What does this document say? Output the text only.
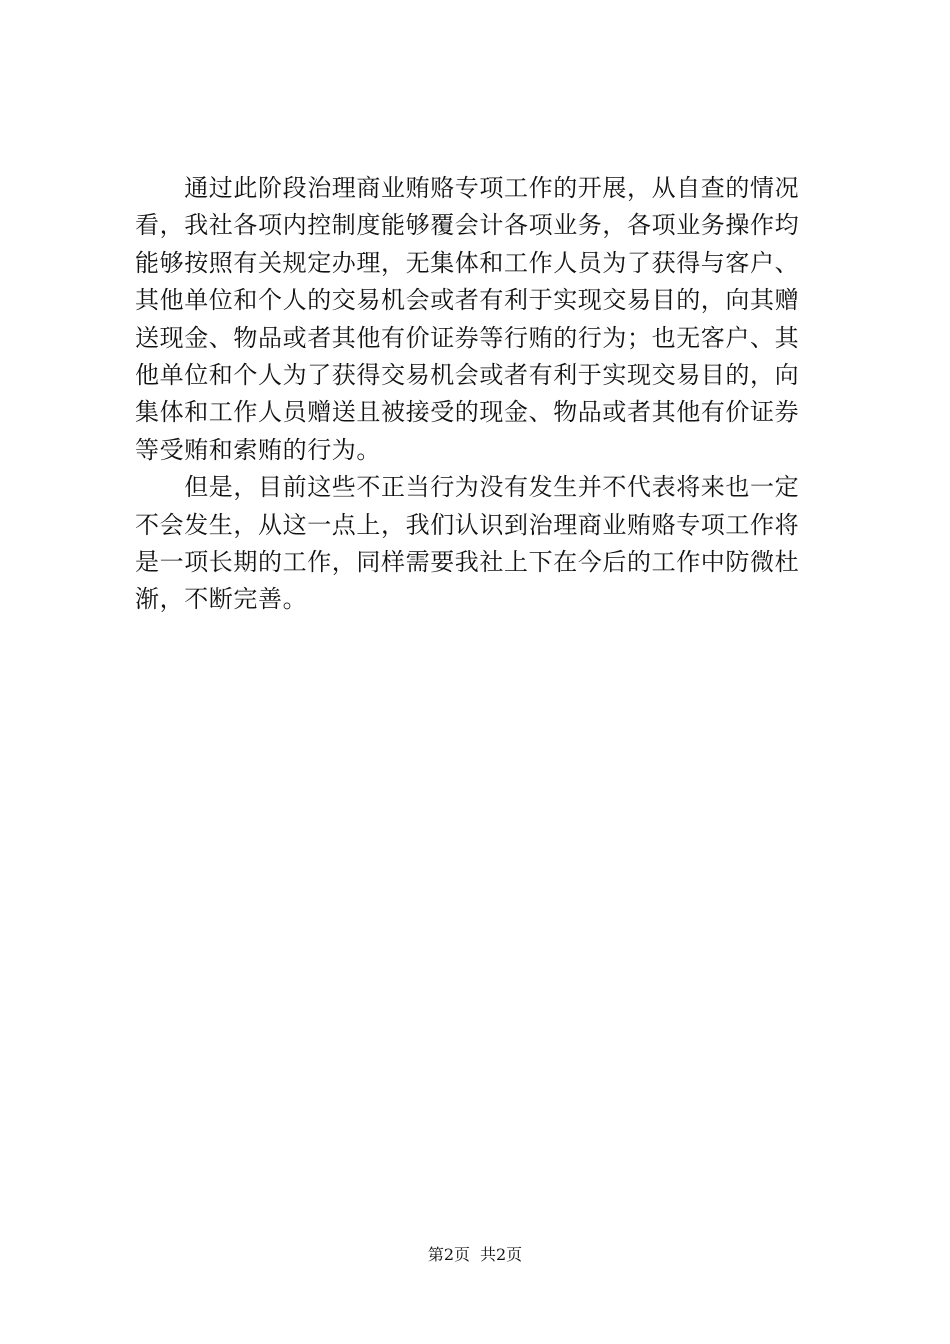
　　通过此阶段治理商业贿赂专项工作的开展，从自查的情况
看，我社各项内控制度能够覆会计各项业务，各项业务操作均
能够按照有关规定办理，无集体和工作人员为了获得与客户、
其他单位和个人的交易机会或者有利于实现交易目的，向其赠
送现金、物品或者其他有价证券等行贿的行为；也无客户、其
他单位和个人为了获得交易机会或者有利于实现交易目的，向
集体和工作人员赠送且被接受的现金、物品或者其他有价证券
等受贿和索贿的行为。
　　但是，目前这些不正当行为没有发生并不代表将来也一定
不会发生，从这一点上，我们认识到治理商业贿赂专项工作将
是一项长期的工作，同样需要我社上下在今后的工作中防微杜
渐，不断完善。
第2页 共2页
